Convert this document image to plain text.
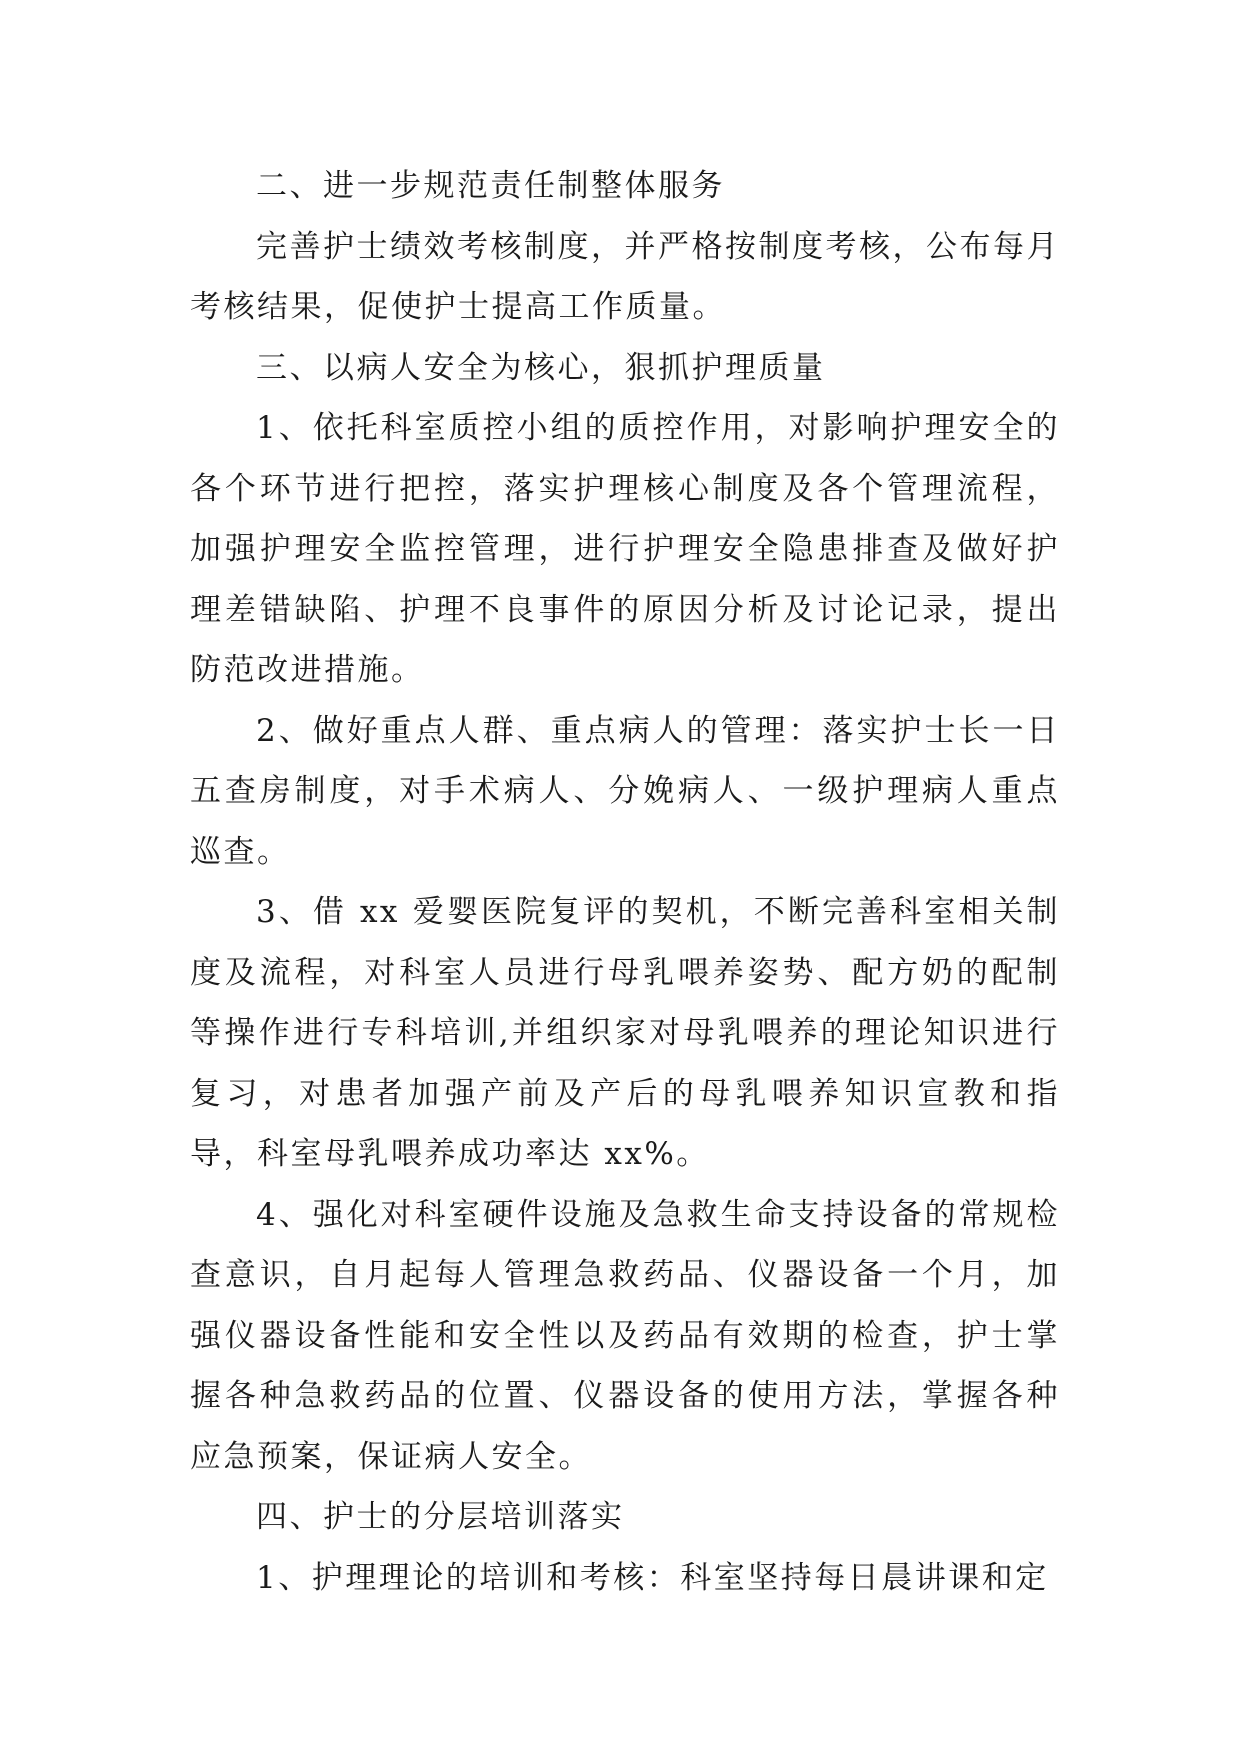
二、进一步规范责任制整体服务

完善护士绩效考核制度，并严格按制度考核，公布每月考核结果，促使护士提高工作质量。

三、以病人安全为核心，狠抓护理质量

1、依托科室质控小组的质控作用，对影响护理安全的各个环节进行把控，落实护理核心制度及各个管理流程，加强护理安全监控管理，进行护理安全隐患排查及做好护理差错缺陷、护理不良事件的原因分析及讨论记录，提出防范改进措施。

2、做好重点人群、重点病人的管理：落实护士长一日五查房制度，对手术病人、分娩病人、一级护理病人重点巡查。

3、借 xx 爱婴医院复评的契机，不断完善科室相关制度及流程，对科室人员进行母乳喂养姿势、配方奶的配制等操作进行专科培训,并组织家对母乳喂养的理论知识进行复习，对患者加强产前及产后的母乳喂养知识宣教和指导，科室母乳喂养成功率达 xx%。

4、强化对科室硬件设施及急救生命支持设备的常规检查意识，自月起每人管理急救药品、仪器设备一个月，加强仪器设备性能和安全性以及药品有效期的检查，护士掌握各种急救药品的位置、仪器设备的使用方法，掌握各种应急预案，保证病人安全。

四、护士的分层培训落实

1、护理理论的培训和考核：科室坚持每日晨讲课和定
